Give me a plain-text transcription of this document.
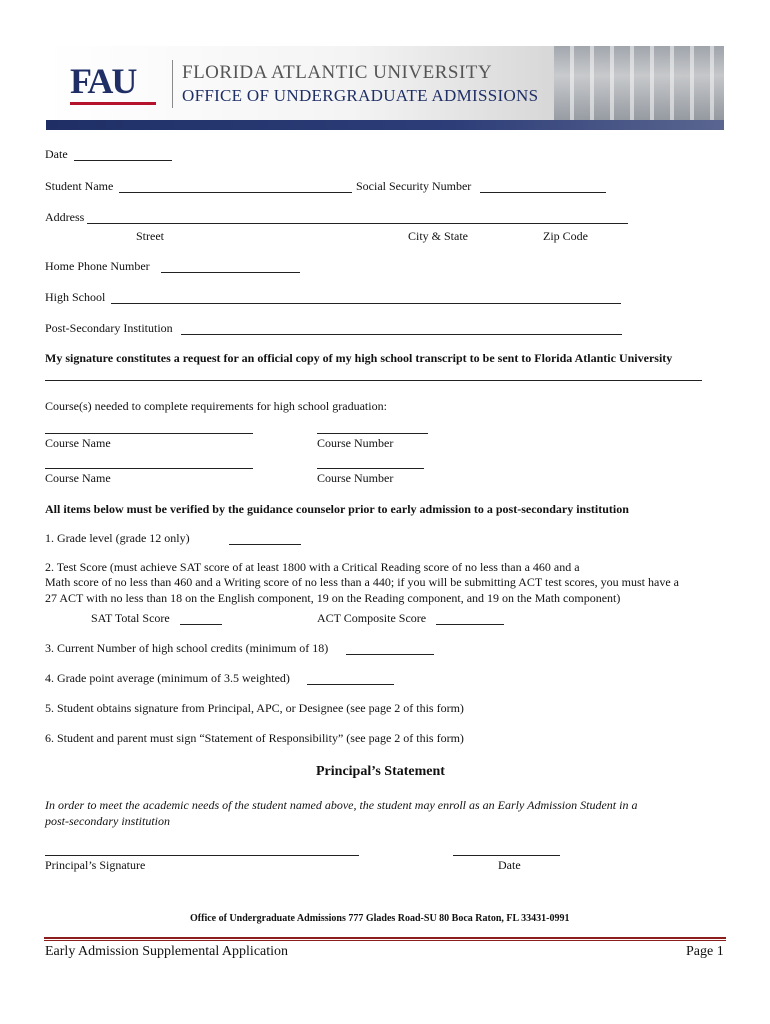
FAU FLORIDA ATLANTIC UNIVERSITY
OFFICE OF UNDERGRADUATE ADMISSIONS
Date
Student Name	Social Security Number
Address
Street	City & State	Zip Code
Home Phone Number
High School
Post-Secondary Institution
My signature constitutes a request for an official copy of my high school transcript to be sent to Florida Atlantic University
Course(s) needed to complete requirements for high school graduation:
Course Name	Course Number
Course Name	Course Number
All items below must be verified by the guidance counselor prior to early admission to a post-secondary institution
1. Grade level (grade 12 only)
2. Test Score (must achieve SAT score of at least 1800 with a Critical Reading score of no less than a 460 and a
Math score of no less than 460 and a Writing score of no less than a 440; if you will be submitting ACT test scores, you must have a
27 ACT with no less than 18 on the English component, 19 on the Reading component, and 19 on the Math component)
SAT Total Score	ACT Composite Score
3. Current Number of high school credits (minimum of 18)
4. Grade point average (minimum of 3.5 weighted)
5. Student obtains signature from Principal, APC, or Designee (see page 2 of this form)
6. Student and parent must sign “Statement of Responsibility” (see page 2 of this form)
Principal’s Statement
In order to meet the academic needs of the student named above, the student may enroll as an Early Admission Student in a
post-secondary institution
Principal’s Signature	Date
Office of Undergraduate Admissions 777 Glades Road-SU 80 Boca Raton, FL 33431-0991
Early Admission Supplemental Application	Page 1
